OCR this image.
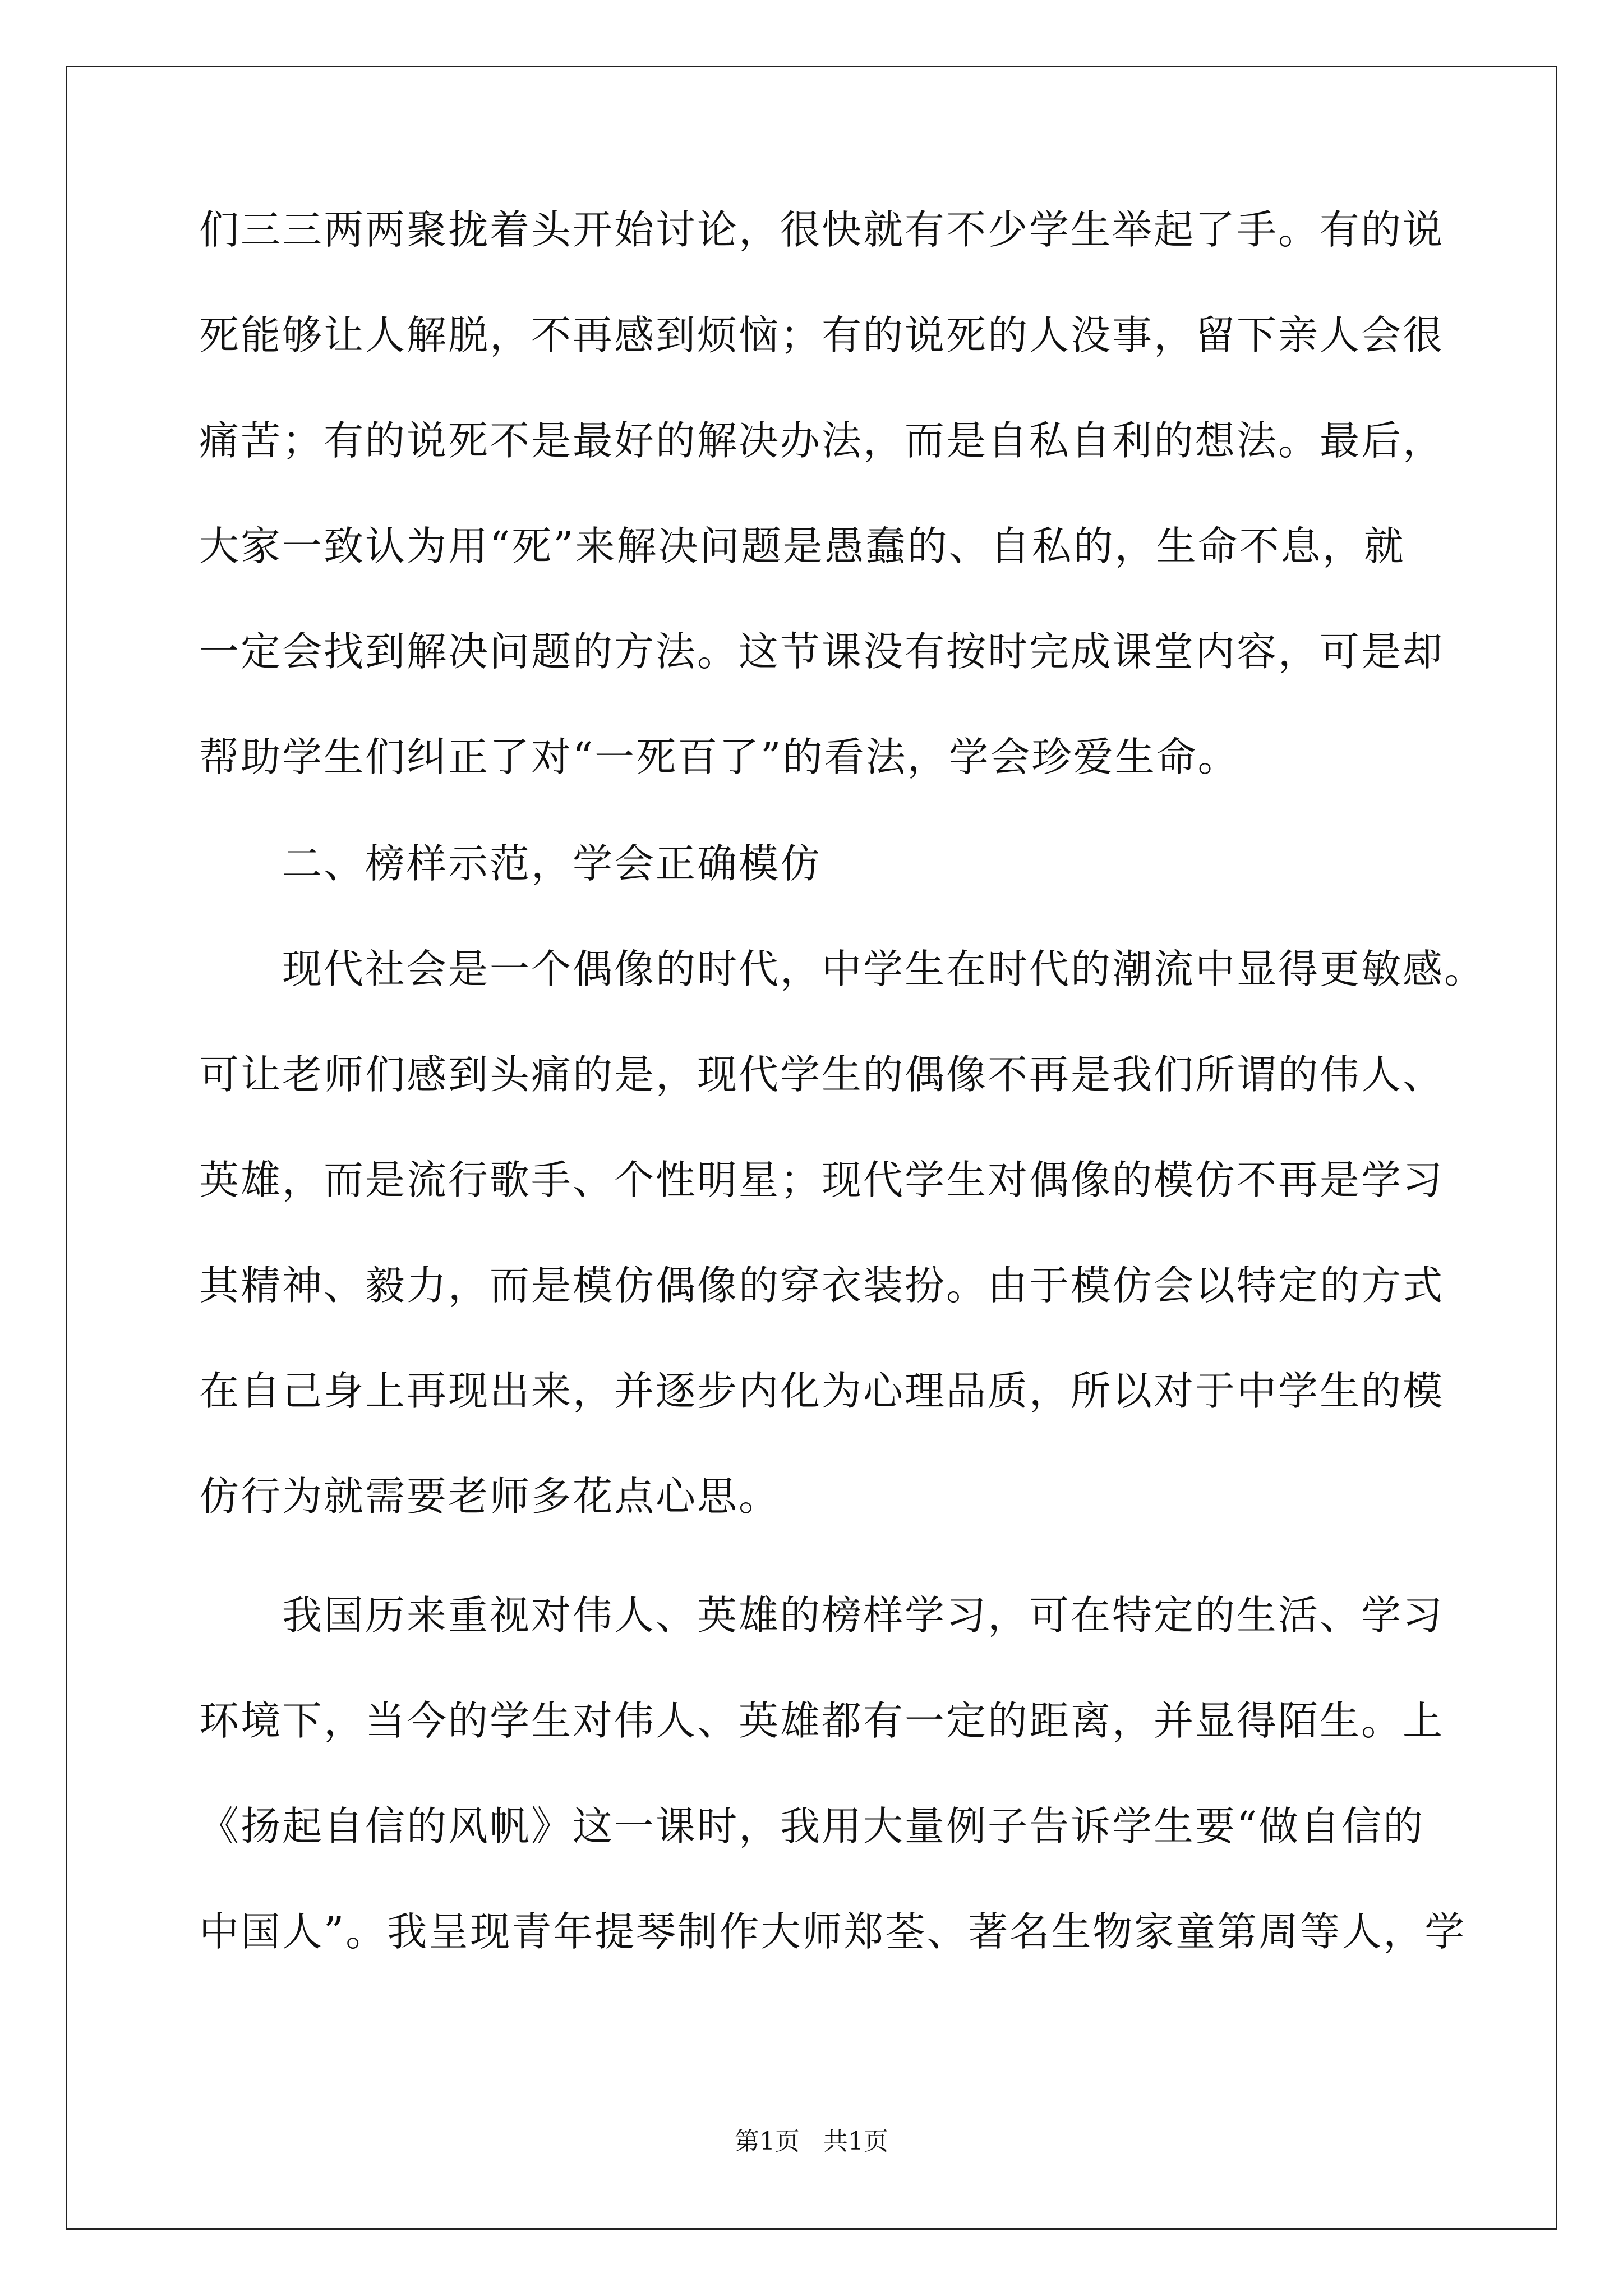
们三三两两聚拢着头开始讨论，很快就有不少学生举起了手。有的说
死能够让人解脱，不再感到烦恼；有的说死的人没事，留下亲人会很
痛苦；有的说死不是最好的解决办法，而是自私自利的想法。最后，
大家一致认为用“死”来解决问题是愚蠢的、自私的，生命不息，就
一定会找到解决问题的方法。这节课没有按时完成课堂内容，可是却
帮助学生们纠正了对“一死百了”的看法，学会珍爱生命。
二、榜样示范，学会正确模仿
现代社会是一个偶像的时代，中学生在时代的潮流中显得更敏感。
可让老师们感到头痛的是，现代学生的偶像不再是我们所谓的伟人、
英雄，而是流行歌手、个性明星；现代学生对偶像的模仿不再是学习
其精神、毅力，而是模仿偶像的穿衣装扮。由于模仿会以特定的方式
在自己身上再现出来，并逐步内化为心理品质，所以对于中学生的模
仿行为就需要老师多花点心思。
我国历来重视对伟人、英雄的榜样学习，可在特定的生活、学习
环境下，当今的学生对伟人、英雄都有一定的距离，并显得陌生。上
《扬起自信的风帆》这一课时，我用大量例子告诉学生要“做自信的
中国人”。我呈现青年提琴制作大师郑荃、著名生物家童第周等人，学
第1页 共1页
